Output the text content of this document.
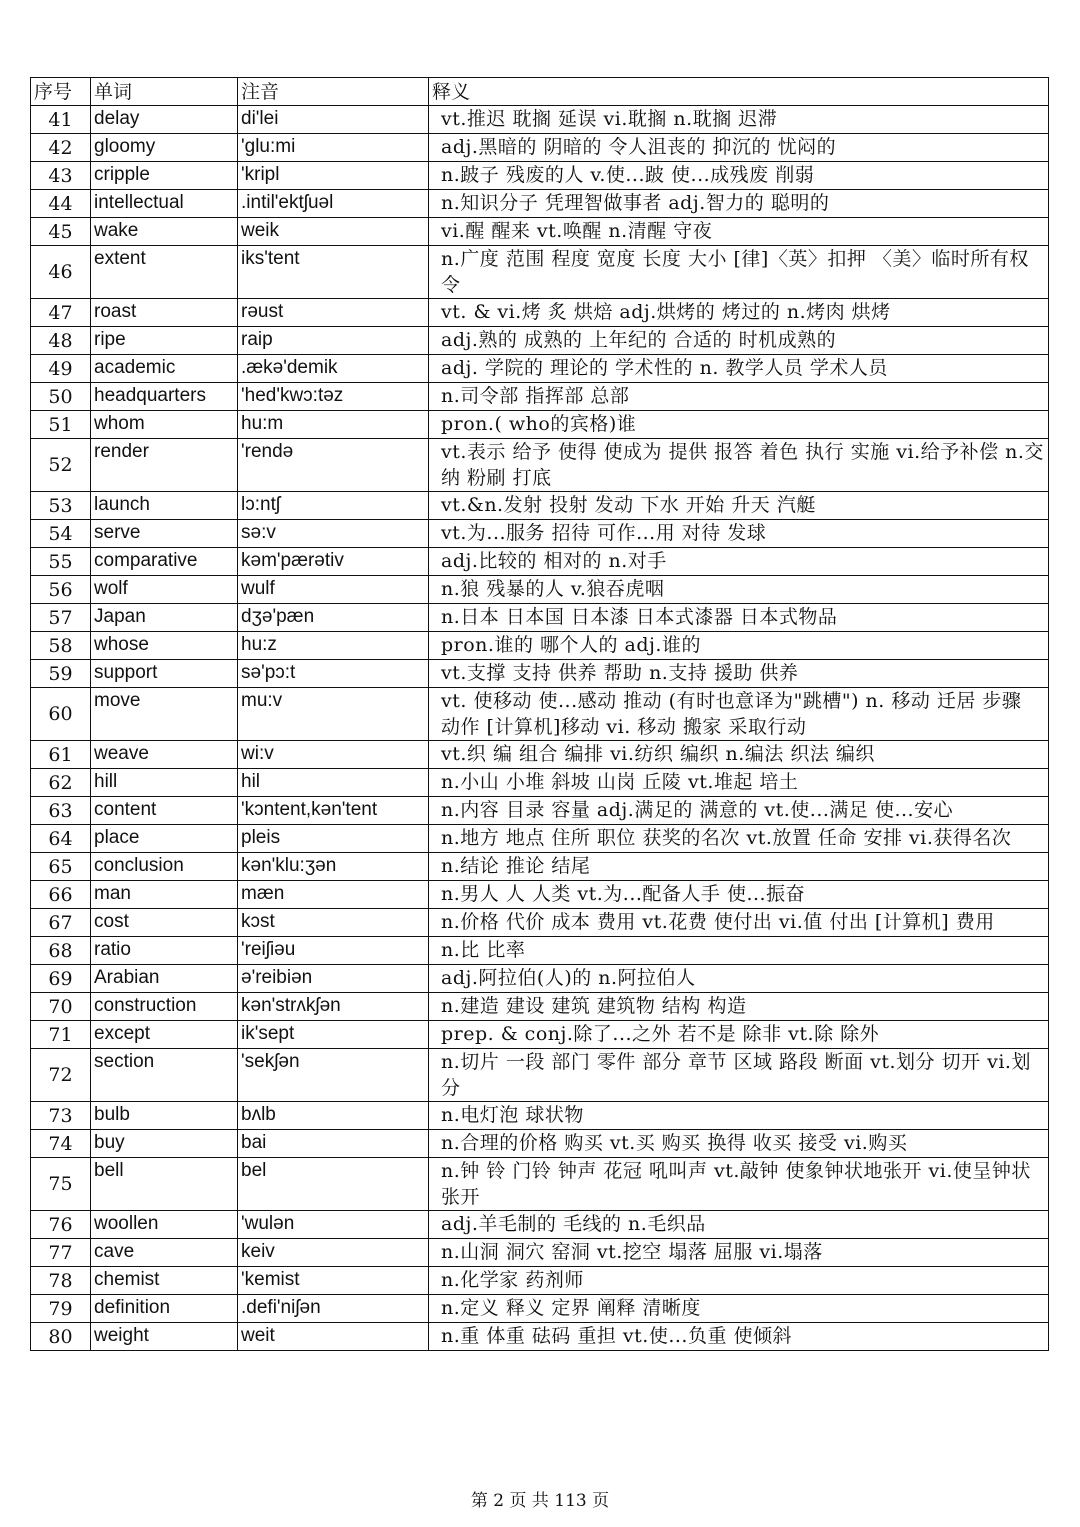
序号	单词	注音	释义
41	delay	di'lei	vt.推迟 耽搁 延误 vi.耽搁 n.耽搁 迟滞
42	gloomy	'glu:mi	adj.黑暗的 阴暗的 令人沮丧的 抑沉的 忧闷的
43	cripple	'kripl	n.跛子 残废的人 v.使...跛 使...成残废 削弱
44	intellectual	.intil'ektʃuəl	n.知识分子 凭理智做事者 adj.智力的 聪明的
45	wake	weik	vi.醒 醒来 vt.唤醒 n.清醒 守夜
46	extent	iks'tent	n.广度 范围 程度 宽度 长度 大小 [律]〈英〉扣押 〈美〉临时所有权令
47	roast	rəust	vt. & vi.烤 炙 烘焙 adj.烘烤的 烤过的 n.烤肉 烘烤
48	ripe	raip	adj.熟的 成熟的 上年纪的 合适的 时机成熟的
49	academic	.ækə'demik	adj. 学院的 理论的 学术性的 n. 教学人员 学术人员
50	headquarters	'hed'kwɔ:təz	n.司令部 指挥部 总部
51	whom	hu:m	pron.( who的宾格)谁
52	render	'rendə	vt.表示 给予 使得 使成为 提供 报答 着色 执行 实施 vi.给予补偿 n.交纳 粉刷 打底
53	launch	lɔ:ntʃ	vt.&n.发射 投射 发动 下水 开始 升天 汽艇
54	serve	sə:v	vt.为...服务 招待 可作...用 对待 发球
55	comparative	kəm'pærətiv	adj.比较的 相对的 n.对手
56	wolf	wulf	n.狼 残暴的人 v.狼吞虎咽
57	Japan	dʒə'pæn	n.日本 日本国 日本漆 日本式漆器 日本式物品
58	whose	hu:z	pron.谁的 哪个人的 adj.谁的
59	support	sə'pɔ:t	vt.支撑 支持 供养 帮助 n.支持 援助 供养
60	move	mu:v	vt. 使移动 使...感动 推动 (有时也意译为"跳槽") n. 移动 迁居 步骤 动作 [计算机]移动 vi. 移动 搬家 采取行动
61	weave	wi:v	vt.织 编 组合 编排 vi.纺织 编织 n.编法 织法 编织
62	hill	hil	n.小山 小堆 斜坡 山岗 丘陵 vt.堆起 培土
63	content	'kɔntent,kən'tent	n.内容 目录 容量 adj.满足的 满意的 vt.使...满足 使...安心
64	place	pleis	n.地方 地点 住所 职位 获奖的名次 vt.放置 任命 安排 vi.获得名次
65	conclusion	kən'klu:ʒən	n.结论 推论 结尾
66	man	mæn	n.男人 人 人类 vt.为...配备人手 使...振奋
67	cost	kɔst	n.价格 代价 成本 费用 vt.花费 使付出 vi.值 付出 [计算机] 费用
68	ratio	'reiʃiəu	n.比 比率
69	Arabian	ə'reibiən	adj.阿拉伯(人)的 n.阿拉伯人
70	construction	kən'strʌkʃən	n.建造 建设 建筑 建筑物 结构 构造
71	except	ik'sept	prep. & conj.除了...之外 若不是 除非 vt.除 除外
72	section	'sekʃən	n.切片 一段 部门 零件 部分 章节 区域 路段 断面 vt.划分 切开 vi.划分
73	bulb	bʌlb	n.电灯泡 球状物
74	buy	bai	n.合理的价格 购买 vt.买 购买 换得 收买 接受 vi.购买
75	bell	bel	n.钟 铃 门铃 钟声 花冠 吼叫声 vt.敲钟 使象钟状地张开 vi.使呈钟状 张开
76	woollen	'wulən	adj.羊毛制的 毛线的 n.毛织品
77	cave	keiv	n.山洞 洞穴 窑洞 vt.挖空 塌落 屈服 vi.塌落
78	chemist	'kemist	n.化学家 药剂师
79	definition	.defi'niʃən	n.定义 释义 定界 阐释 清晰度
80	weight	weit	n.重 体重 砝码 重担 vt.使...负重 使倾斜
第 2 页 共 113 页
